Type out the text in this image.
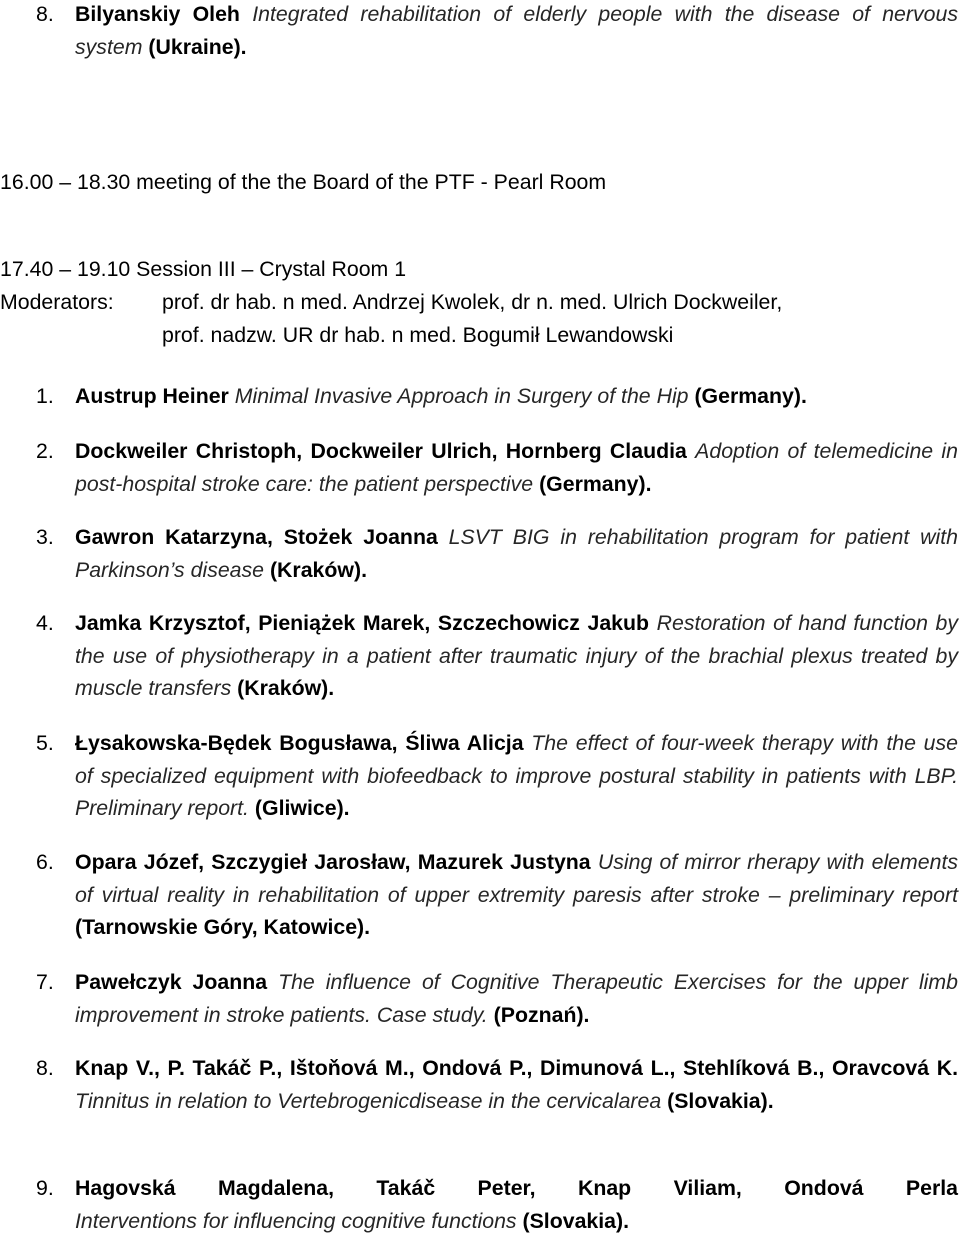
8. Bilyanskiy Oleh Integrated rehabilitation of elderly people with the disease of nervous system (Ukraine).
16.00 – 18.30 meeting of the the Board of the PTF - Pearl Room
17.40 – 19.10 Session III – Crystal Room 1
Moderators: prof. dr hab. n med. Andrzej Kwolek, dr n. med. Ulrich Dockweiler,
prof. nadzw. UR dr hab. n med. Bogumił Lewandowski
1. Austrup Heiner Minimal Invasive Approach in Surgery of the Hip (Germany).
2. Dockweiler Christoph, Dockweiler Ulrich, Hornberg Claudia Adoption of telemedicine in post-hospital stroke care: the patient perspective (Germany).
3. Gawron Katarzyna, Stożek Joanna LSVT BIG in rehabilitation program for patient with Parkinson’s disease (Kraków).
4. Jamka Krzysztof, Pieniążek Marek, Szczechowicz Jakub Restoration of hand function by the use of physiotherapy in a patient after traumatic injury of the brachial plexus treated by muscle transfers (Kraków).
5. Łysakowska-Będek Bogusława, Śliwa Alicja The effect of four-week therapy with the use of specialized equipment with biofeedback to improve postural stability in patients with LBP. Preliminary report. (Gliwice).
6. Opara Józef, Szczygieł Jarosław, Mazurek Justyna Using of mirror rherapy with elements of virtual reality in rehabilitation of upper extremity paresis after stroke – preliminary report (Tarnowskie Góry, Katowice).
7. Pawełczyk Joanna The influence of Cognitive Therapeutic Exercises for the upper limb improvement in stroke patients. Case study. (Poznań).
8. Knap V., P. Takáč P., Ištoňová M., Ondová P., Dimunová L., Stehlíková B., Oravcová K. Tinnitus in relation to Vertebrogenicdisease in the cervicalarea (Slovakia).
9. Hagovská Magdalena, Takáč Peter, Knap Viliam, Ondová Perla
Interventions for influencing cognitive functions (Slovakia).
